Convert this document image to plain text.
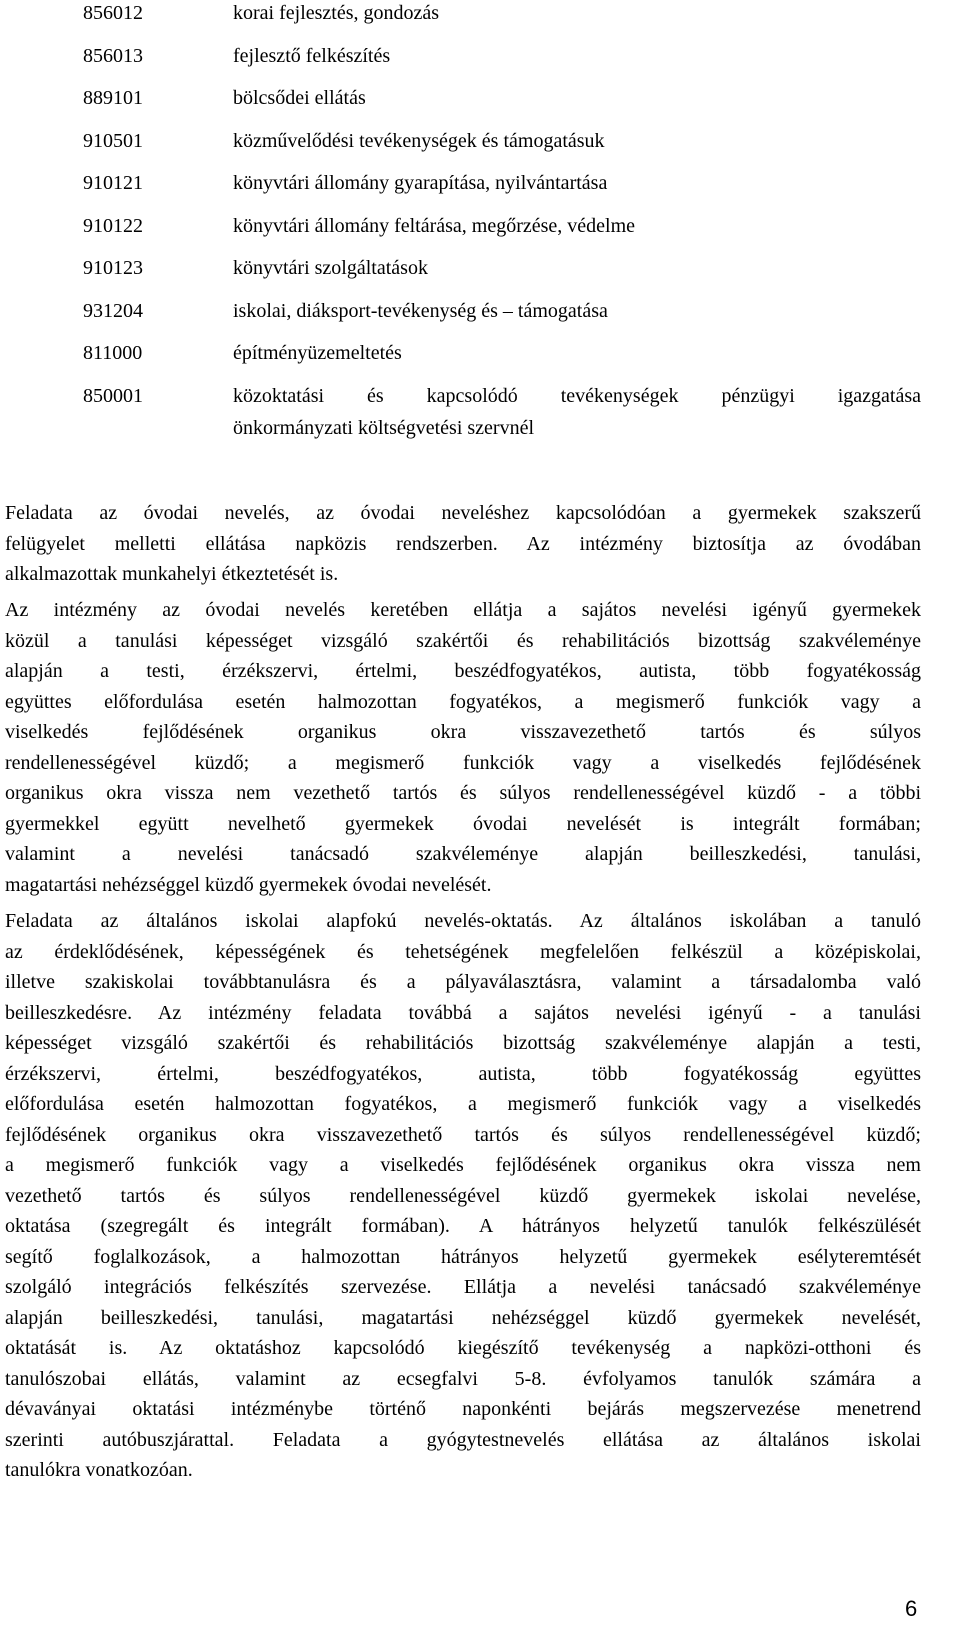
856012	korai fejlesztés, gondozás
856013	fejlesztő felkészítés
889101	bölcsődei ellátás
910501	közművelődési tevékenységek és támogatásuk
910121	könyvtári állomány gyarapítása, nyilvántartása
910122	könyvtári állomány feltárása, megőrzése, védelme
910123	könyvtári szolgáltatások
931204	iskolai, diáksport-tevékenység és – támogatása
811000	építményüzemeltetés
850001	közoktatási és kapcsolódó tevékenységek pénzügyi igazgatása
önkormányzati költségvetési szervnél
Feladata az óvodai nevelés, az óvodai neveléshez kapcsolódóan a gyermekek szakszerű
felügyelet melletti ellátása napközis rendszerben. Az intézmény biztosítja az óvodában
alkalmazottak munkahelyi étkeztetését is.
Az intézmény az óvodai nevelés keretében ellátja a sajátos nevelési igényű gyermekek
közül a tanulási képességet vizsgáló szakértői és rehabilitációs bizottság szakvéleménye
alapján a testi, érzékszervi, értelmi, beszédfogyatékos, autista, több fogyatékosság
együttes előfordulása esetén halmozottan fogyatékos, a megismerő funkciók vagy a
viselkedés fejlődésének organikus okra visszavezethető tartós és súlyos
rendellenességével küzdő; a megismerő funkciók vagy a viselkedés fejlődésének
organikus okra vissza nem vezethető tartós és súlyos rendellenességével küzdő - a többi
gyermekkel együtt nevelhető gyermekek óvodai nevelését is integrált formában;
valamint a nevelési tanácsadó szakvéleménye alapján beilleszkedési, tanulási,
magatartási nehézséggel küzdő gyermekek óvodai nevelését.
Feladata az általános iskolai alapfokú nevelés-oktatás. Az általános iskolában a tanuló
az érdeklődésének, képességének és tehetségének megfelelően felkészül a középiskolai,
illetve szakiskolai továbbtanulásra és a pályaválasztásra, valamint a társadalomba való
beilleszkedésre. Az intézmény feladata továbbá a sajátos nevelési igényű - a tanulási
képességet vizsgáló szakértői és rehabilitációs bizottság szakvéleménye alapján a testi,
érzékszervi, értelmi, beszédfogyatékos, autista, több fogyatékosság együttes
előfordulása esetén halmozottan fogyatékos, a megismerő funkciók vagy a viselkedés
fejlődésének organikus okra visszavezethető tartós és súlyos rendellenességével küzdő;
a megismerő funkciók vagy a viselkedés fejlődésének organikus okra vissza nem
vezethető tartós és súlyos rendellenességével küzdő gyermekek iskolai nevelése,
oktatása (szegregált és integrált formában). A hátrányos helyzetű tanulók felkészülését
segítő foglalkozások, a halmozottan hátrányos helyzetű gyermekek esélyteremtését
szolgáló integrációs felkészítés szervezése. Ellátja a nevelési tanácsadó szakvéleménye
alapján beilleszkedési, tanulási, magatartási nehézséggel küzdő gyermekek nevelését,
oktatását is. Az oktatáshoz kapcsolódó kiegészítő tevékenység a napközi-otthoni és
tanulószobai ellátás, valamint az ecsegfalvi 5-8. évfolyamos tanulók számára a
dévaványai oktatási intézménybe történő naponkénti bejárás megszervezése menetrend
szerinti autóbuszjárattal. Feladata a gyógytestnevelés ellátása az általános iskolai
tanulókra vonatkozóan.
6
